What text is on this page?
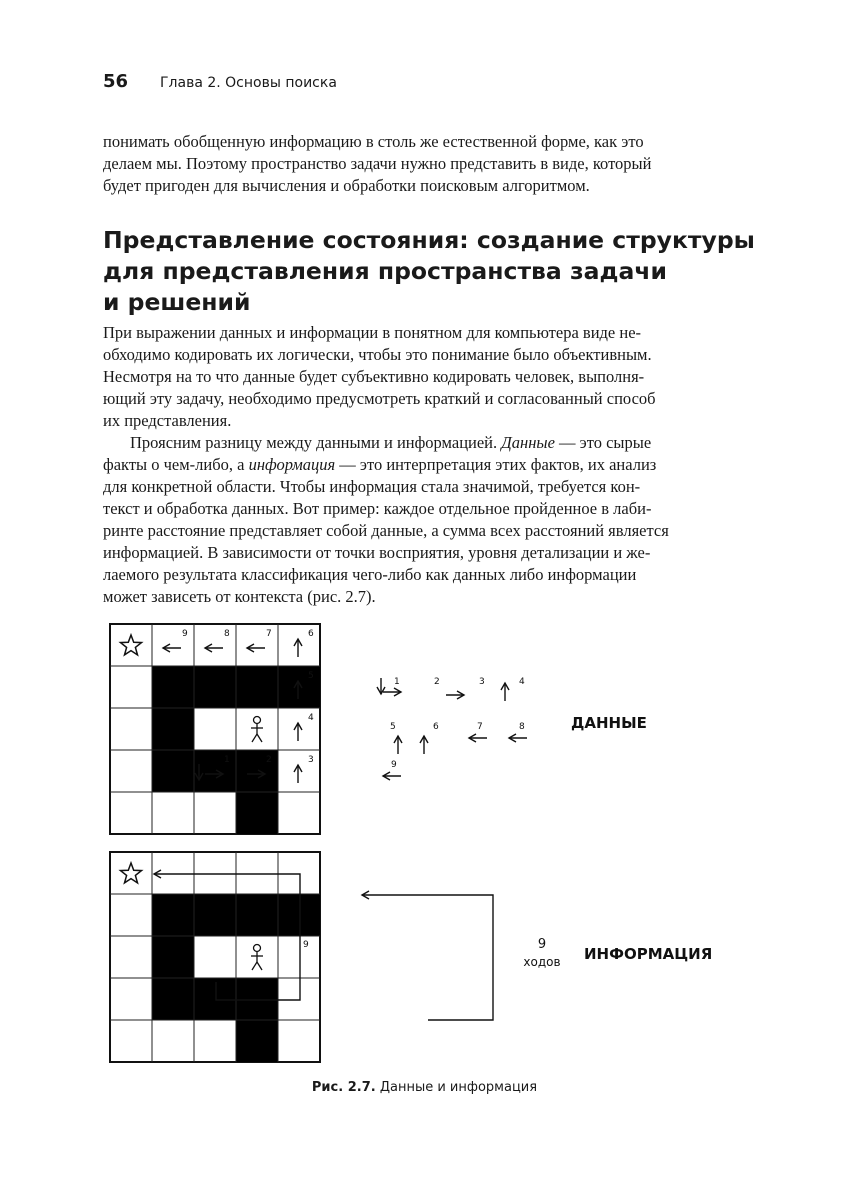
56 Глава 2. Основы поиска
понимать обобщенную информацию в столь же естественной форме, как это
делаем мы. Поэтому пространство задачи нужно представить в виде, который
будет пригоден для вычисления и обработки поисковым алгоритмом.
Представление состояния: создание структуры
для представления пространства задачи
и решений
При выражении данных и информации в понятном для компьютера виде не-
обходимо кодировать их логически, чтобы это понимание было объективным.
Несмотря на то что данные будет субъективно кодировать человек, выполня-
ющий эту задачу, необходимо предусмотреть краткий и согласованный способ
их представления.
Проясним разницу между данными и информацией. Данные — это сырые
факты о чем-либо, а информация — это интерпретация этих фактов, их анализ
для конкретной области. Чтобы информация стала значимой, требуется кон-
текст и обработка данных. Вот пример: каждое отдельное пройденное в лаби-
ринте расстояние представляет собой данные, а сумма всех расстояний является
информацией. В зависимости от точки восприятия, уровня детализации и же-
лаемого результата классификация чего-либо как данных либо информации
может зависеть от контекста (рис. 2.7).
1	2	3
4
5
6
7
8
9
1	2	3	4
5	6	7	8
9
ДАННЫЕ
9	9
ходов ИНФОРМАЦИЯ
Рис. 2.7. Данные и информация
